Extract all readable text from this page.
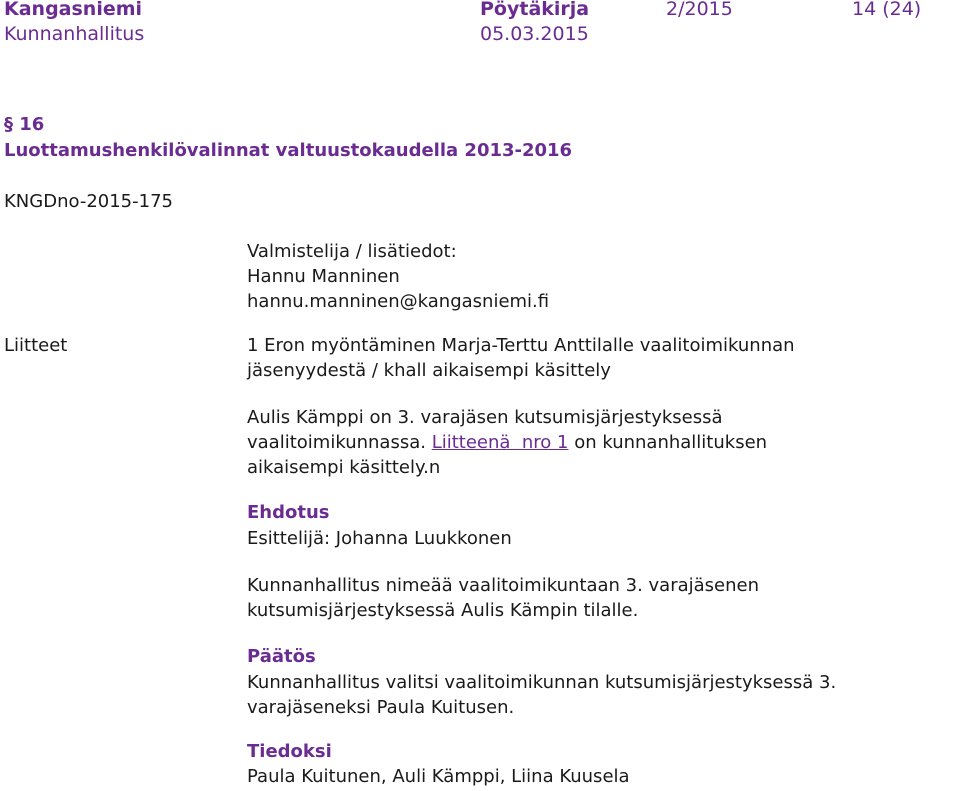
Kangasniemi	Pöytäkirja	2/2015	14 (24)
Kunnanhallitus	05.03.2015
§ 16
Luottamushenkilövalinnat valtuustokaudella 2013-2016
KNGDno-2015-175
Valmistelija / lisätiedot:
Hannu Manninen
hannu.manninen@kangasniemi.fi
Liitteet	1 Eron myöntäminen Marja-Terttu Anttilalle vaalitoimikunnan
jäsenyydestä / khall aikaisempi käsittely
Aulis Kämppi on 3. varajäsen kutsumisjärjestyksessä
vaalitoimikunnassa. Liitteenä  nro 1 on kunnanhallituksen
aikaisempi käsittely.n
Ehdotus
Esittelijä: Johanna Luukkonen
Kunnanhallitus nimeää vaalitoimikuntaan 3. varajäsenen
kutsumisjärjestyksessä Aulis Kämpin tilalle.
Päätös
Kunnanhallitus valitsi vaalitoimikunnan kutsumisjärjestyksessä 3.
varajäseneksi Paula Kuitusen.
Tiedoksi
Paula Kuitunen, Auli Kämppi, Liina Kuusela
